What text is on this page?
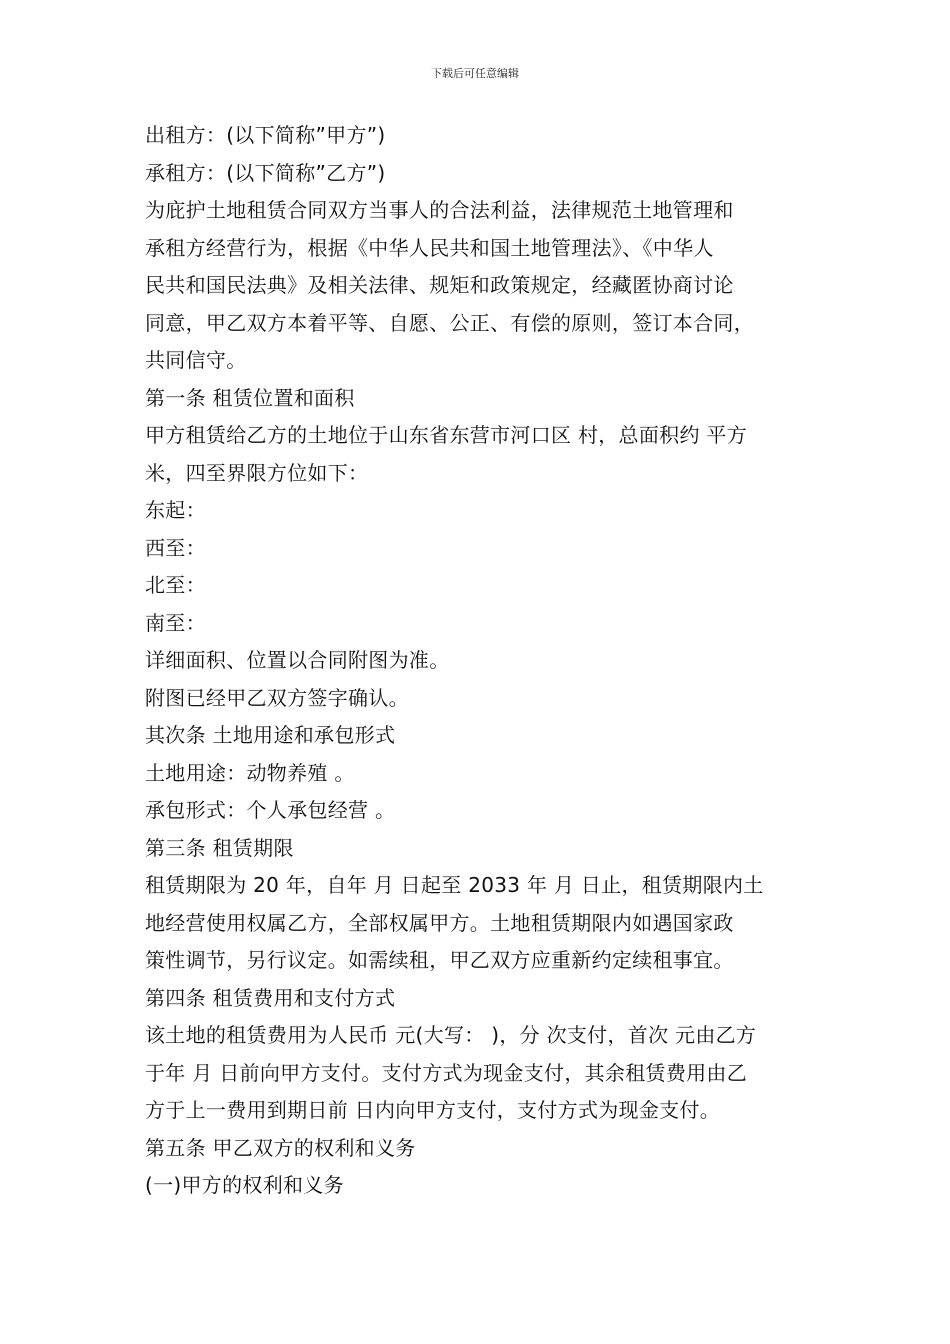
下载后可任意编辑
出租方：(以下简称”甲方”)
承租方：(以下简称”乙方”)
为庇护土地租赁合同双方当事人的合法利益，法律规范土地管理和
承租方经营行为，根据《中华人民共和国土地管理法》、《中华人
民共和国民法典》及相关法律、规矩和政策规定，经藏匿协商讨论
同意，甲乙双方本着平等、自愿、公正、有偿的原则，签订本合同，
共同信守。
第一条 租赁位置和面积
甲方租赁给乙方的土地位于山东省东营市河口区 村，总面积约 平方
米，四至界限方位如下：
东起：
西至：
北至：
南至：
详细面积、位置以合同附图为准。
附图已经甲乙双方签字确认。
其次条 土地用途和承包形式
土地用途：动物养殖 。
承包形式：个人承包经营 。
第三条 租赁期限
租赁期限为 20 年，自年 月 日起至 2033 年 月 日止，租赁期限内土
地经营使用权属乙方，全部权属甲方。土地租赁期限内如遇国家政
策性调节，另行议定。如需续租，甲乙双方应重新约定续租事宜。
第四条 租赁费用和支付方式
该土地的租赁费用为人民币 元(大写： )，分 次支付，首次 元由乙方
于年 月 日前向甲方支付。支付方式为现金支付，其余租赁费用由乙
方于上一费用到期日前 日内向甲方支付，支付方式为现金支付。
第五条 甲乙双方的权利和义务
(一)甲方的权利和义务
